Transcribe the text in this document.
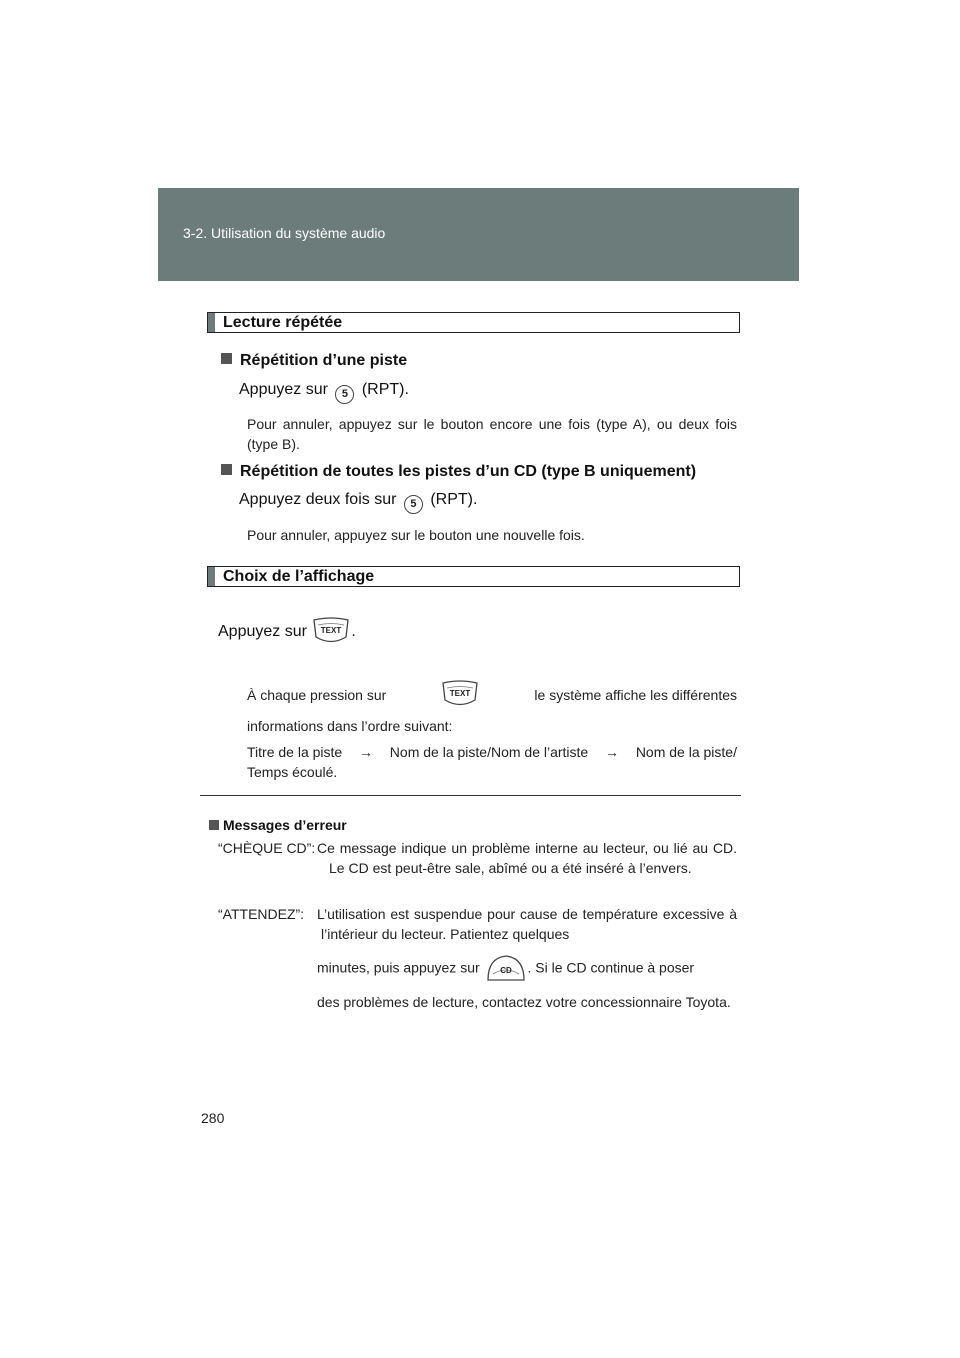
3-2. Utilisation du système audio
Lecture répétée
Répétition d’une piste
Appuyez sur 5 (RPT).
Pour annuler, appuyez sur le bouton encore une fois (type A), ou deux fois (type B).
Répétition de toutes les pistes d’un CD (type B uniquement)
Appuyez deux fois sur 5 (RPT).
Pour annuler, appuyez sur le bouton une nouvelle fois.
Choix de l’affichage
Appuyez sur TEXT .
À chaque pression sur	TEXT	le système affiche les différentes
informations dans l’ordre suivant:
Titre de la piste → Nom de la piste/Nom de l’artiste → Nom de la piste/
Temps écoulé.
Messages d’erreur
“CHÈQUE CD”: Ce message indique un problème interne au lecteur, ou lié au CD. Le CD est peut-être sale, abîmé ou a été inséré à l’envers.
“ATTENDEZ”: L’utilisation est suspendue pour cause de température excessive à l’intérieur du lecteur. Patientez quelques
minutes, puis appuyez sur	CD . Si le CD continue à poser
des problèmes de lecture, contactez votre concessionnaire Toyota.
280
